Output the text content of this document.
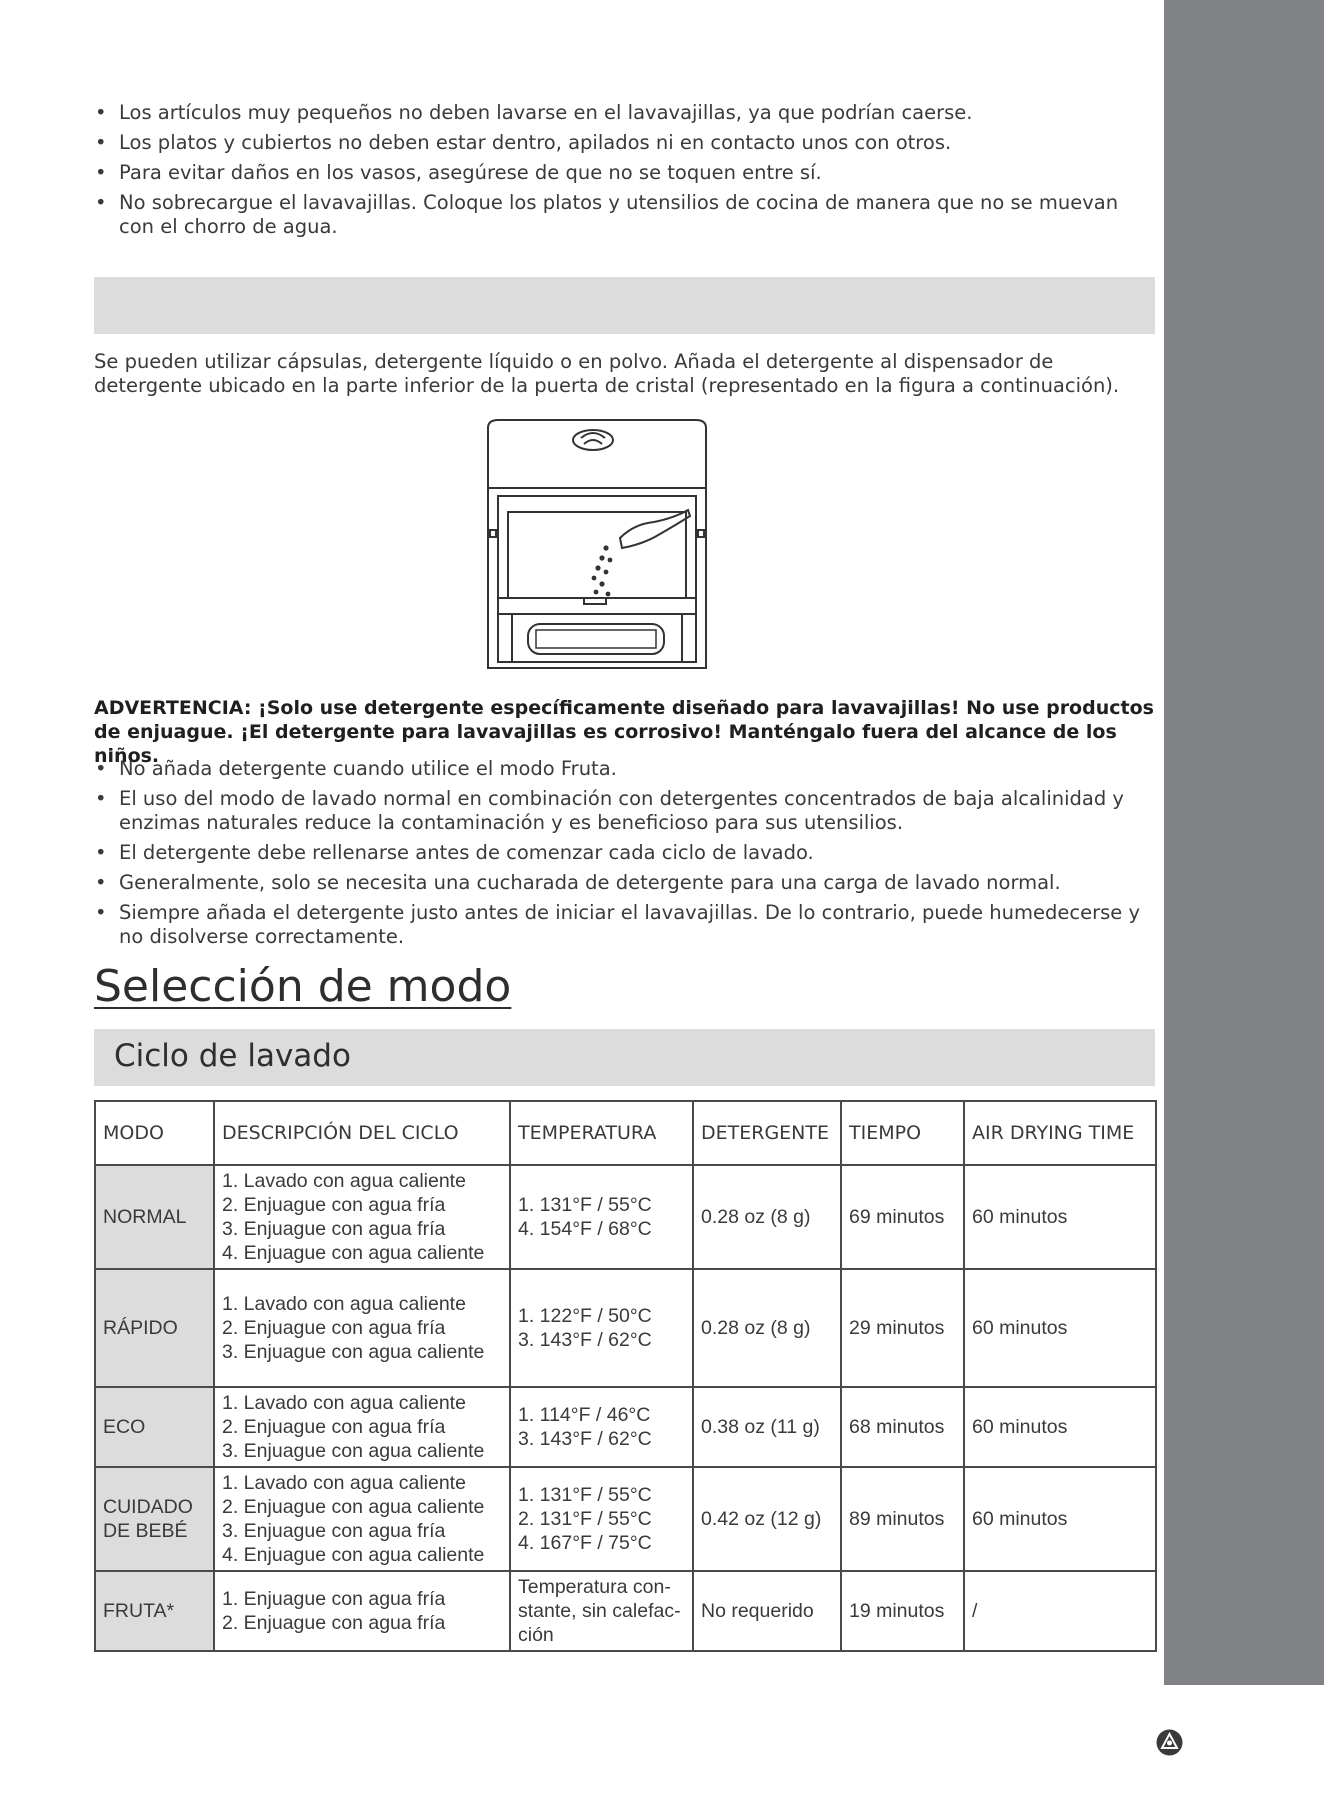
• Los artículos muy pequeños no deben lavarse en el lavavajillas, ya que podrían caerse.
• Los platos y cubiertos no deben estar dentro, apilados ni en contacto unos con otros.
• Para evitar daños en los vasos, asegúrese de que no se toquen entre sí.
• No sobrecargue el lavavajillas. Coloque los platos y utensilios de cocina de manera que no se muevan con el chorro de agua.

Se pueden utilizar cápsulas, detergente líquido o en polvo. Añada el detergente al dispensador de detergente ubicado en la parte inferior de la puerta de cristal (representado en la figura a continuación).

ADVERTENCIA: ¡Solo use detergente específicamente diseñado para lavavajillas! No use productos de enjuague. ¡El detergente para lavavajillas es corrosivo! Manténgalo fuera del alcance de los niños.

• No añada detergente cuando utilice el modo Fruta.
• El uso del modo de lavado normal en combinación con detergentes concentrados de baja alcalinidad y enzimas naturales reduce la contaminación y es beneficioso para sus utensilios.
• El detergente debe rellenarse antes de comenzar cada ciclo de lavado.
• Generalmente, solo se necesita una cucharada de detergente para una carga de lavado normal.
• Siempre añada el detergente justo antes de iniciar el lavavajillas. De lo contrario, puede humedecerse y no disolverse correctamente.
Selección de modo
Ciclo de lavado
MODO	DESCRIPCIÓN DEL CICLO	TEMPERATURA	DETERGENTE	TIEMPO	AIR DRYING TIME

NORMAL	1. Lavado con agua caliente
2. Enjuague con agua fría
3. Enjuague con agua fría
4. Enjuague con agua caliente	1. 131°F / 55°C
4. 154°F / 68°C	0.28 oz (8 g)	69 minutos	60 minutos

RÁPIDO	1. Lavado con agua caliente
2. Enjuague con agua fría
3. Enjuague con agua caliente	1. 122°F / 50°C
3. 143°F / 62°C	0.28 oz (8 g)	29 minutos	60 minutos

ECO	1. Lavado con agua caliente
2. Enjuague con agua fría
3. Enjuague con agua caliente	1. 114°F / 46°C
3. 143°F / 62°C	0.38 oz (11 g)	68 minutos	60 minutos

CUIDADO
DE BEBÉ	1. Lavado con agua caliente
2. Enjuague con agua caliente
3. Enjuague con agua fría
4. Enjuague con agua caliente	1. 131°F / 55°C
2. 131°F / 55°C
4. 167°F / 75°C	0.42 oz (12 g)	89 minutos	60 minutos

FRUTA*	1. Enjuague con agua fría
2. Enjuague con agua fría	Temperatura con-
stante, sin calefac-
ción	No requerido	19 minutos	/
